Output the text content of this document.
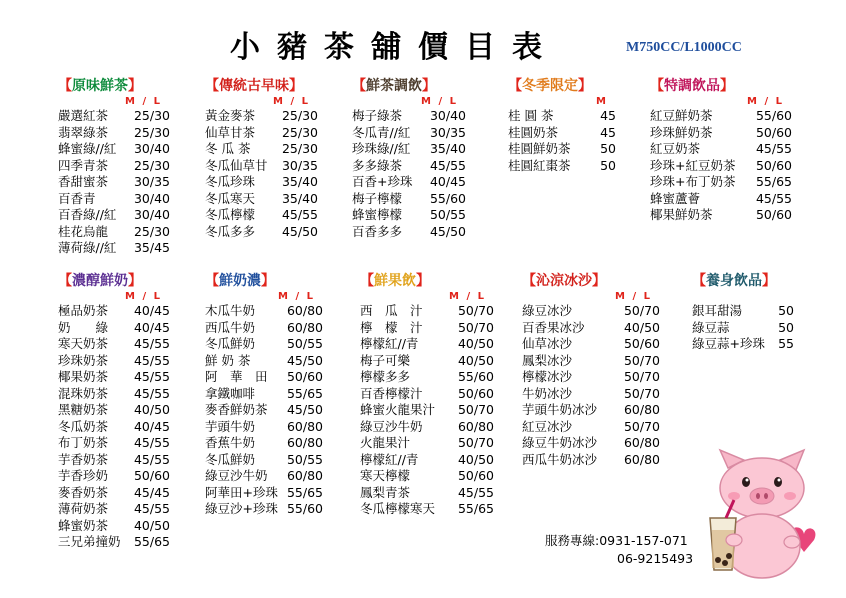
小豬茶舖價目表	M750CC/L1000CC
【原味鮮茶】
M / L
嚴選紅茶 25/30
翡翠綠茶 25/30
蜂蜜綠//紅 30/40
四季青茶 25/30
香甜蜜茶 30/35
百香青	30/40
百香綠//紅 30/40
桂花烏龍 25/30
薄荷綠//紅 35/45
【傳統古早味】
M / L
黃金麥茶 25/30
仙草甘茶 25/30
冬 瓜 茶	25/30
冬瓜仙草甘 30/35
冬瓜珍珠 35/40
冬瓜寒天 35/40
冬瓜檸檬 45/55
冬瓜多多 45/50
【鮮茶調飲】
M / L
梅子綠茶 30/40
冬瓜青//紅 30/35
珍珠綠//紅 35/40
多多綠茶 45/55
百香+珍珠 40/45
梅子檸檬 55/60
蜂蜜檸檬 50/55
百香多多 45/50
【冬季限定】
M
桂 圓 茶	45
桂圓奶茶	45
桂圓鮮奶茶 50
桂圓紅棗茶 50
【特調飲品】
M / L
紅豆鮮奶茶	55/60
珍珠鮮奶茶	50/60
紅豆奶茶	45/55
珍珠+紅豆奶茶 50/60
珍珠+布丁奶茶 55/65
蜂蜜蘆薈	45/55
椰果鮮奶茶	50/60
【濃醇鮮奶】
M / L
極品奶茶 40/45
奶　　綠 40/45
寒天奶茶 45/55
珍珠奶茶 45/55
椰果奶茶 45/55
混珠奶茶 45/55
黑糖奶茶 40/50
冬瓜奶茶 40/45
布丁奶茶 45/55
芋香奶茶 45/55
芋香珍奶 50/60
麥香奶茶 45/45
薄荷奶茶 45/55
蜂蜜奶茶 40/50
三兄弟撞奶 55/65
【鮮奶濃】
M / L
木瓜牛奶	60/80
西瓜牛奶	60/80
冬瓜鮮奶	50/55
鮮 奶 茶	45/50
阿　華　田 50/60
拿鐵咖啡	55/65
麥香鮮奶茶 45/50
芋頭牛奶	60/80
香蕉牛奶	60/80
冬瓜鮮奶	50/55
綠豆沙牛奶 60/80
阿華田+珍珠 55/65
綠豆沙+珍珠 55/60
【鮮果飲】
M / L
西　瓜　汁	50/70
檸　檬　汁	50/70
檸檬紅//青	40/50
梅子可樂	40/50
檸檬多多	55/60
百香檸檬汁	50/60
蜂蜜火龍果汁 50/70
綠豆沙牛奶	60/80
火龍果汁	50/70
檸檬紅//青	40/50
寒天檸檬	50/60
鳳梨青茶	45/55
冬瓜檸檬寒天 55/65
【沁涼冰沙】
M / L
綠豆冰沙	50/70
百香果冰沙	40/50
仙草冰沙	50/60
鳳梨冰沙	50/70
檸檬冰沙	50/70
牛奶冰沙	50/70
芋頭牛奶冰沙 60/80
紅豆冰沙	50/70
綠豆牛奶冰沙 60/80
西瓜牛奶冰沙 60/80
【養身飲品】
銀耳甜湯	50
綠豆蒜	50
綠豆蒜+珍珠 55
服務專線:0931-157-071
06-9215493
